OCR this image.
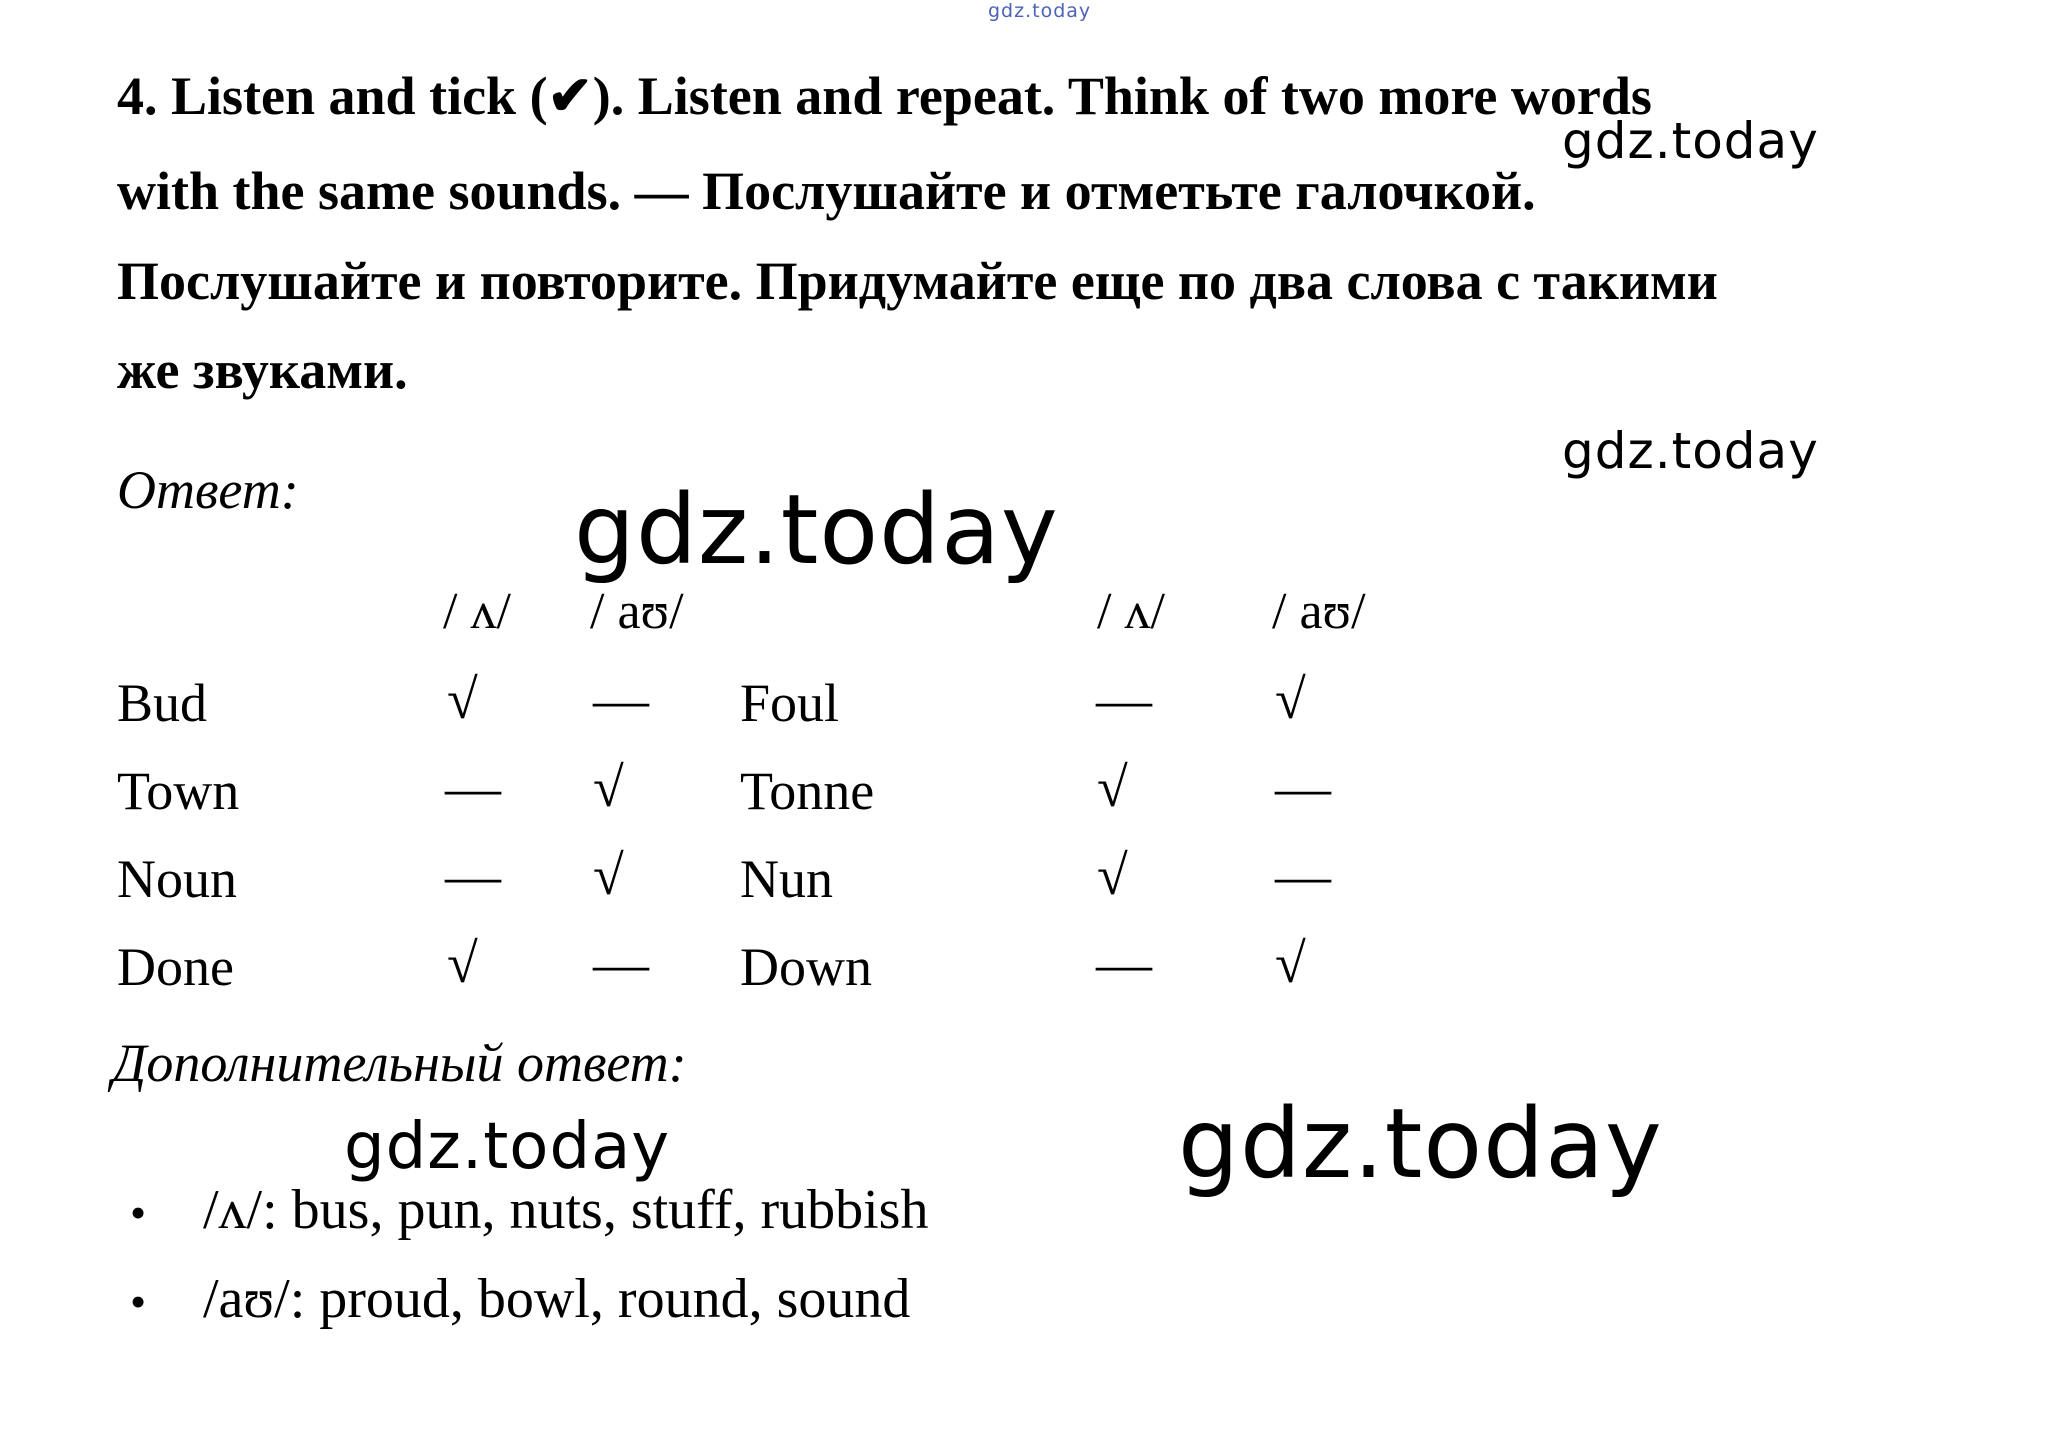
gdz.today
gdz.today
gdz.today
gdz.today
gdz.today	gdz.today
4. Listen and tick (✔). Listen and repeat. Think of two more words
with the same sounds. — Послушайте и отметьте галочкой.
Послушайте и повторите. Придумайте еще по два слова с такими
же звуками.
Ответ:
/ ʌ/ / aʊ/	/ ʌ/ / aʊ/
Bud	√ — Foul	— √
Town	— √ Tonne	√	—
Noun	— √ Nun	√	—
Done	√ — Down	— √
Дополнительный ответ:
• /ʌ/: bus, pun, nuts, stuff, rubbish
• /aʊ/: proud, bowl, round, sound
